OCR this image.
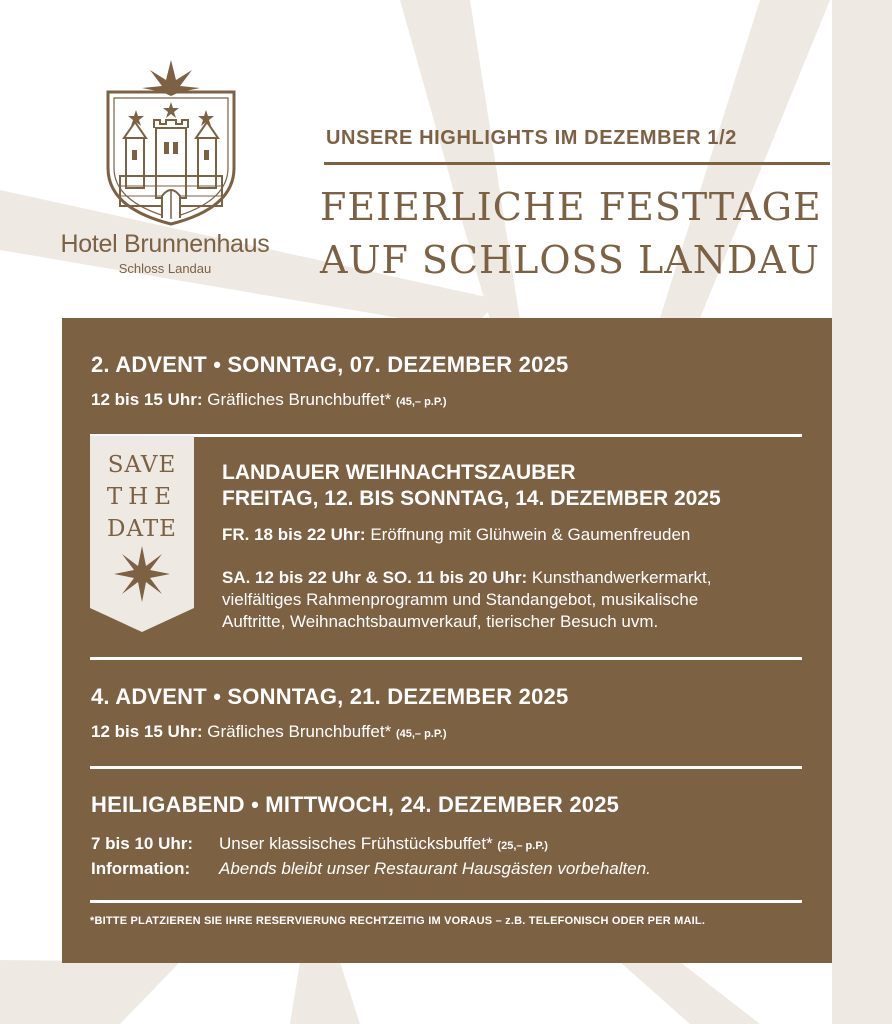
Hotel Brunnenhaus
Schloss Landau
UNSERE HIGHLIGHTS IM DEZEMBER 1/2
FEIERLICHE FESTTAGE
AUF SCHLOSS LANDAU
2. ADVENT • SONNTAG, 07. DEZEMBER 2025
12 bis 15 Uhr: Gräfliches Brunchbuffet* (45,– p.P.)
SAVE
THE
DATE
LANDAUER WEIHNACHTSZAUBER
FREITAG, 12. BIS SONNTAG, 14. DEZEMBER 2025
FR. 18 bis 22 Uhr: Eröffnung mit Glühwein & Gaumenfreuden
SA. 12 bis 22 Uhr & SO. 11 bis 20 Uhr: Kunsthandwerkermarkt,
vielfältiges Rahmenprogramm und Standangebot, musikalische
Auftritte, Weihnachtsbaumverkauf, tierischer Besuch uvm.
4. ADVENT • SONNTAG, 21. DEZEMBER 2025
12 bis 15 Uhr: Gräfliches Brunchbuffet* (45,– p.P.)
HEILIGABEND • MITTWOCH, 24. DEZEMBER 2025
7 bis 10 Uhr: Unser klassisches Frühstücksbuffet* (25,– p.P.)
Information: Abends bleibt unser Restaurant Hausgästen vorbehalten.
*BITTE PLATZIEREN SIE IHRE RESERVIERUNG RECHTZEITIG IM VORAUS – z.B. TELEFONISCH ODER PER MAIL.
